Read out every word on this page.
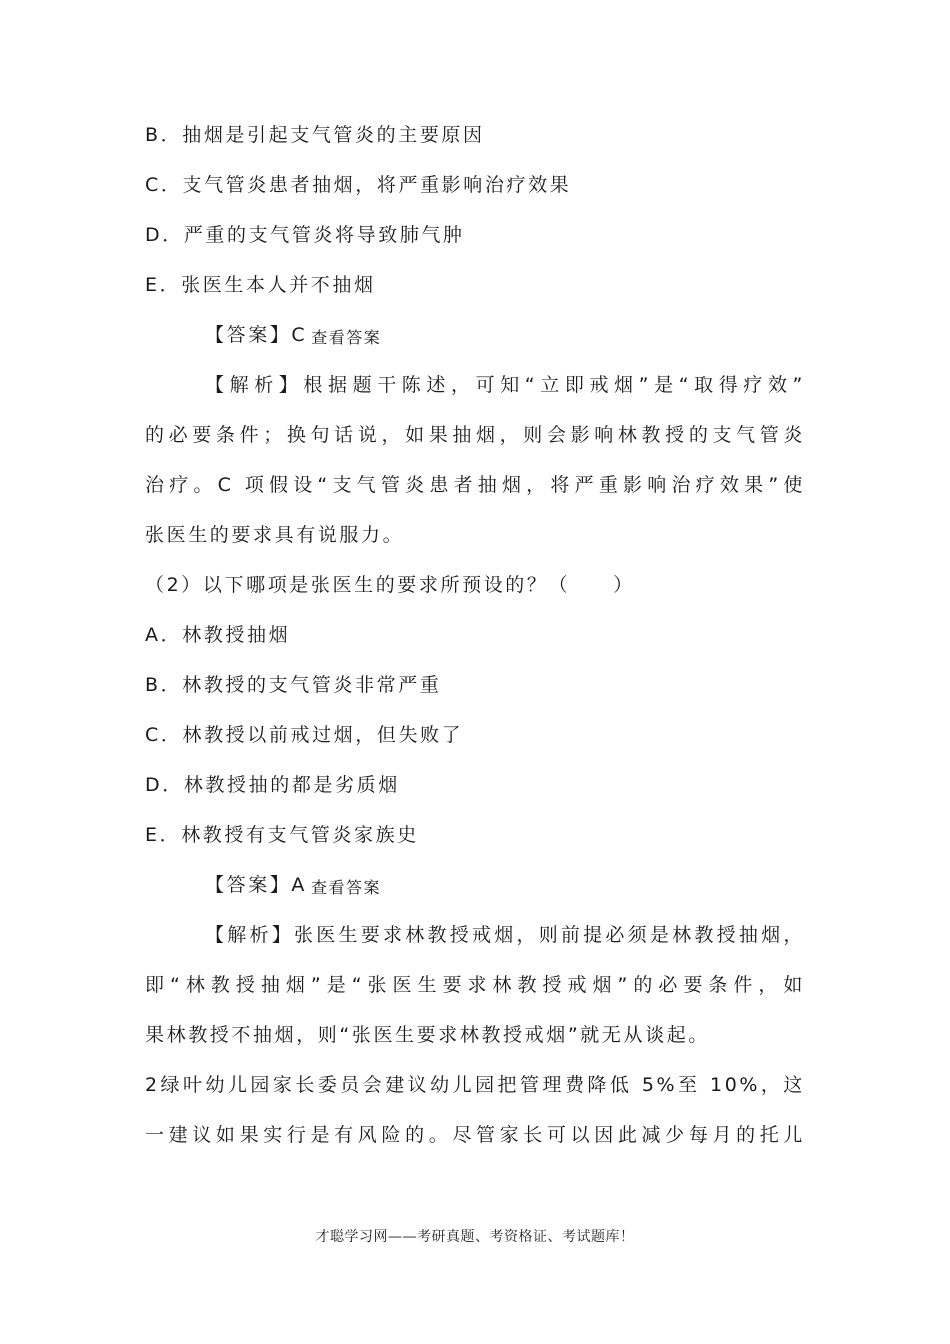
B．抽烟是引起支气管炎的主要原因
C．支气管炎患者抽烟，将严重影响治疗效果
D．严重的支气管炎将导致肺气肿
E．张医生本人并不抽烟
【答案】C 查看答案
【解析】根据题干陈述，可知“立即戒烟”是“取得疗效”
的必要条件；换句话说，如果抽烟，则会影响林教授的支气管炎
治疗。C 项假设“支气管炎患者抽烟，将严重影响治疗效果”使
张医生的要求具有说服力。
（2）以下哪项是张医生的要求所预设的？（　　）
A．林教授抽烟
B．林教授的支气管炎非常严重
C．林教授以前戒过烟，但失败了
D．林教授抽的都是劣质烟
E．林教授有支气管炎家族史
【答案】A 查看答案
【解析】张医生要求林教授戒烟，则前提必须是林教授抽烟，
即“林教授抽烟”是“张医生要求林教授戒烟”的必要条件，如
果林教授不抽烟，则“张医生要求林教授戒烟”就无从谈起。
2绿叶幼儿园家长委员会建议幼儿园把管理费降低 5%至 10%，这
一建议如果实行是有风险的。尽管家长可以因此减少每月的托儿
才聪学习网——考研真题、考资格证、考试题库！
